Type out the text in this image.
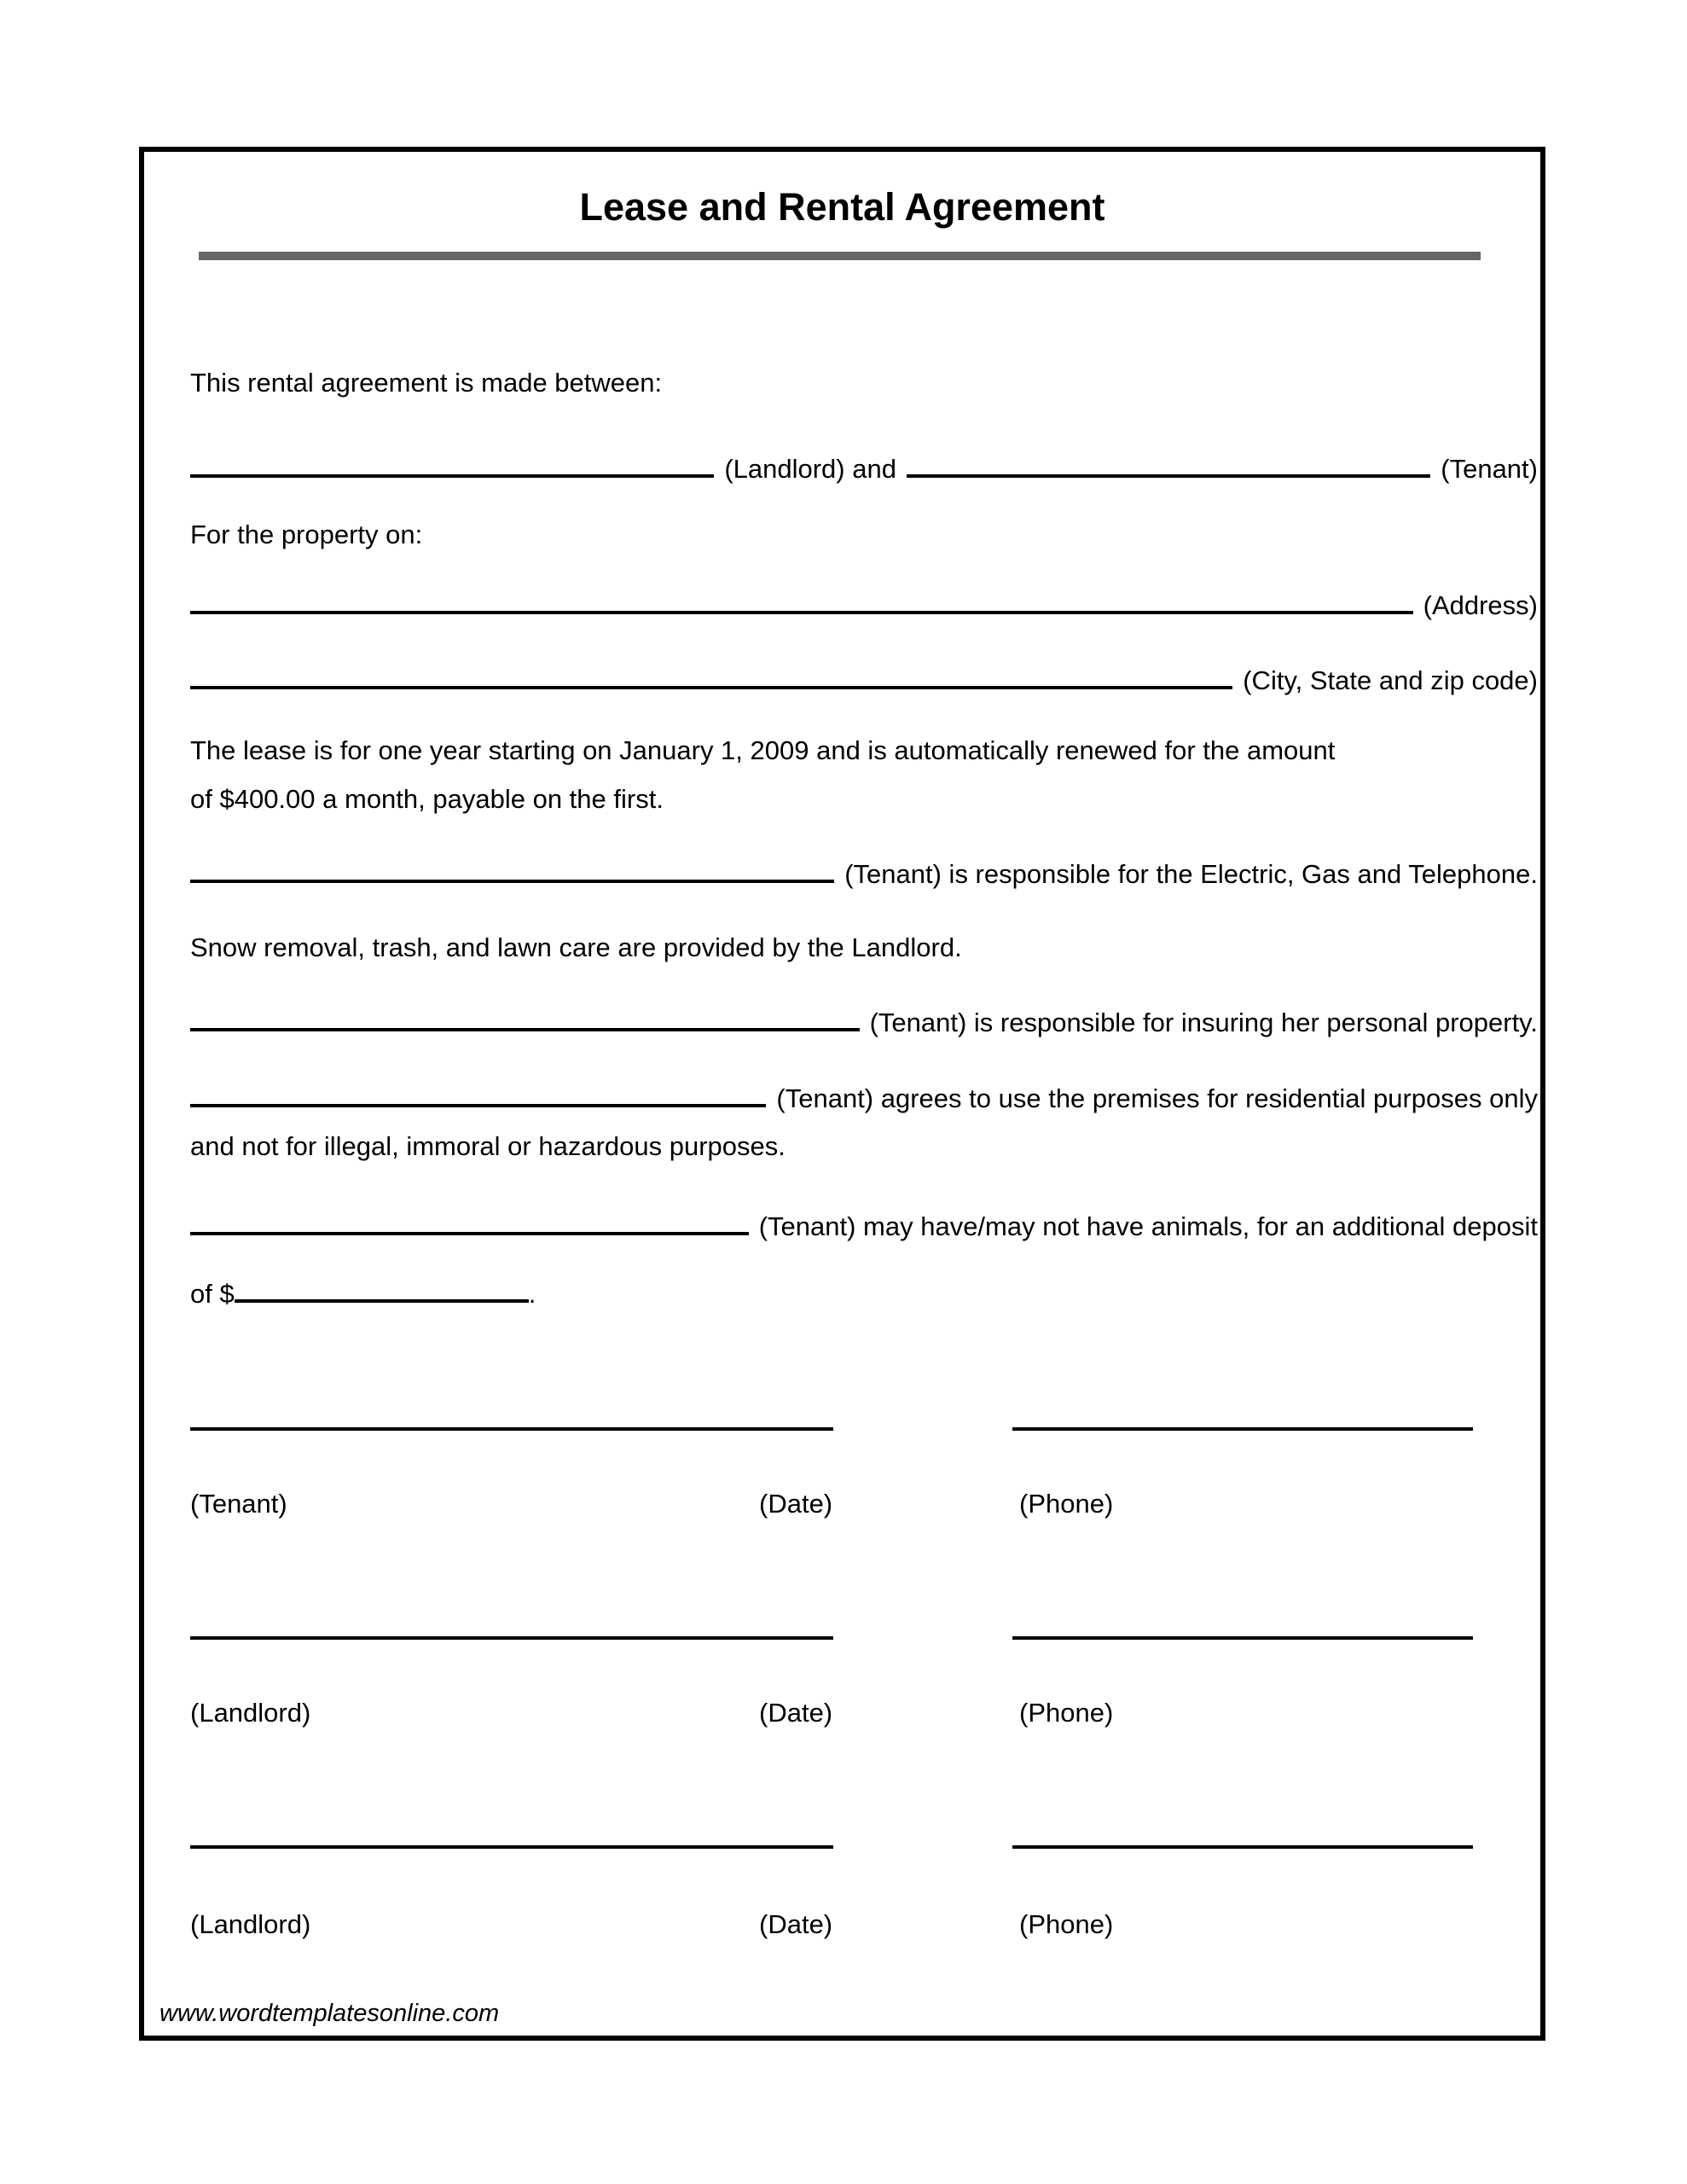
Lease and Rental Agreement
This rental agreement is made between:
(Landlord) and	(Tenant)
For the property on:
(Address)
(City, State and zip code)
The lease is for one year starting on January 1, 2009 and is automatically renewed for the amount
of $400.00 a month, payable on the first.
(Tenant) is responsible for the Electric, Gas and Telephone.
Snow removal, trash, and lawn care are provided by the Landlord.
(Tenant) is responsible for insuring her personal property.
(Tenant) agrees to use the premises for residential purposes only
and not for illegal, immoral or hazardous purposes.
(Tenant) may have/may not have animals, for an additional deposit
of $	.

(Tenant)	(Date)	(Phone)

(Landlord)	(Date)	(Phone)

(Landlord)	(Date)	(Phone)
www.wordtemplatesonline.com
